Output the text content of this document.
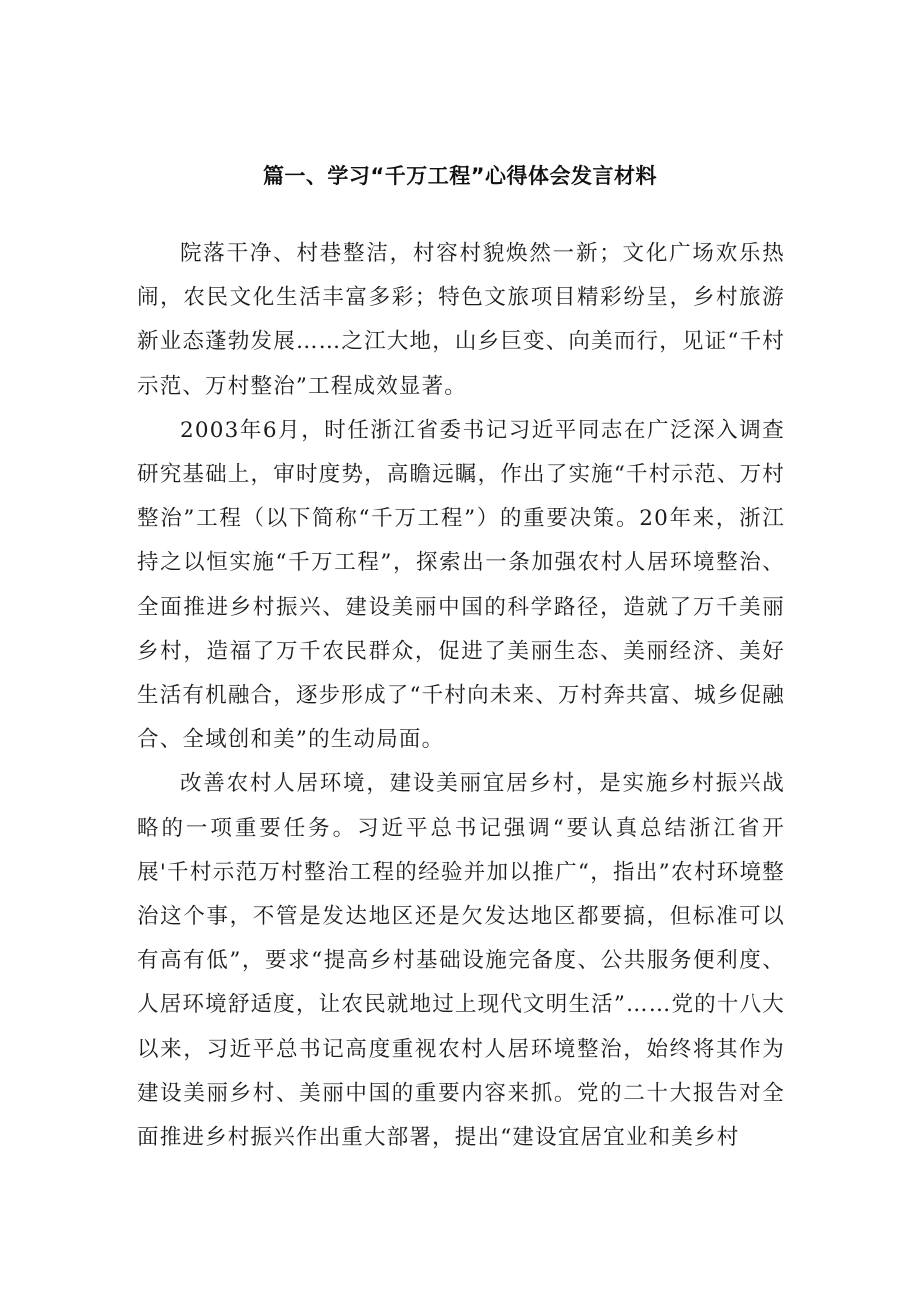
篇一、学习“千万工程”心得体会发言材料

院落干净、村巷整洁，村容村貌焕然一新；文化广场欢乐热闹，农民文化生活丰富多彩；特色文旅项目精彩纷呈，乡村旅游新业态蓬勃发展……之江大地，山乡巨变、向美而行，见证“千村示范、万村整治”工程成效显著。

2003年6月，时任浙江省委书记习近平同志在广泛深入调查研究基础上，审时度势，高瞻远瞩，作出了实施“千村示范、万村整治”工程（以下简称“千万工程”）的重要决策。20年来，浙江持之以恒实施“千万工程”，探索出一条加强农村人居环境整治、全面推进乡村振兴、建设美丽中国的科学路径，造就了万千美丽乡村，造福了万千农民群众，促进了美丽生态、美丽经济、美好生活有机融合，逐步形成了“千村向未来、万村奔共富、城乡促融合、全域创和美”的生动局面。

改善农村人居环境，建设美丽宜居乡村，是实施乡村振兴战略的一项重要任务。习近平总书记强调“要认真总结浙江省开展'千村示范万村整治工程的经验并加以推广“，指出”农村环境整治这个事，不管是发达地区还是欠发达地区都要搞，但标准可以有高有低”，要求“提高乡村基础设施完备度、公共服务便利度、人居环境舒适度，让农民就地过上现代文明生活”……党的十八大以来，习近平总书记高度重视农村人居环境整治，始终将其作为建设美丽乡村、美丽中国的重要内容来抓。党的二十大报告对全面推进乡村振兴作出重大部署，提出“建设宜居宜业和美乡村
